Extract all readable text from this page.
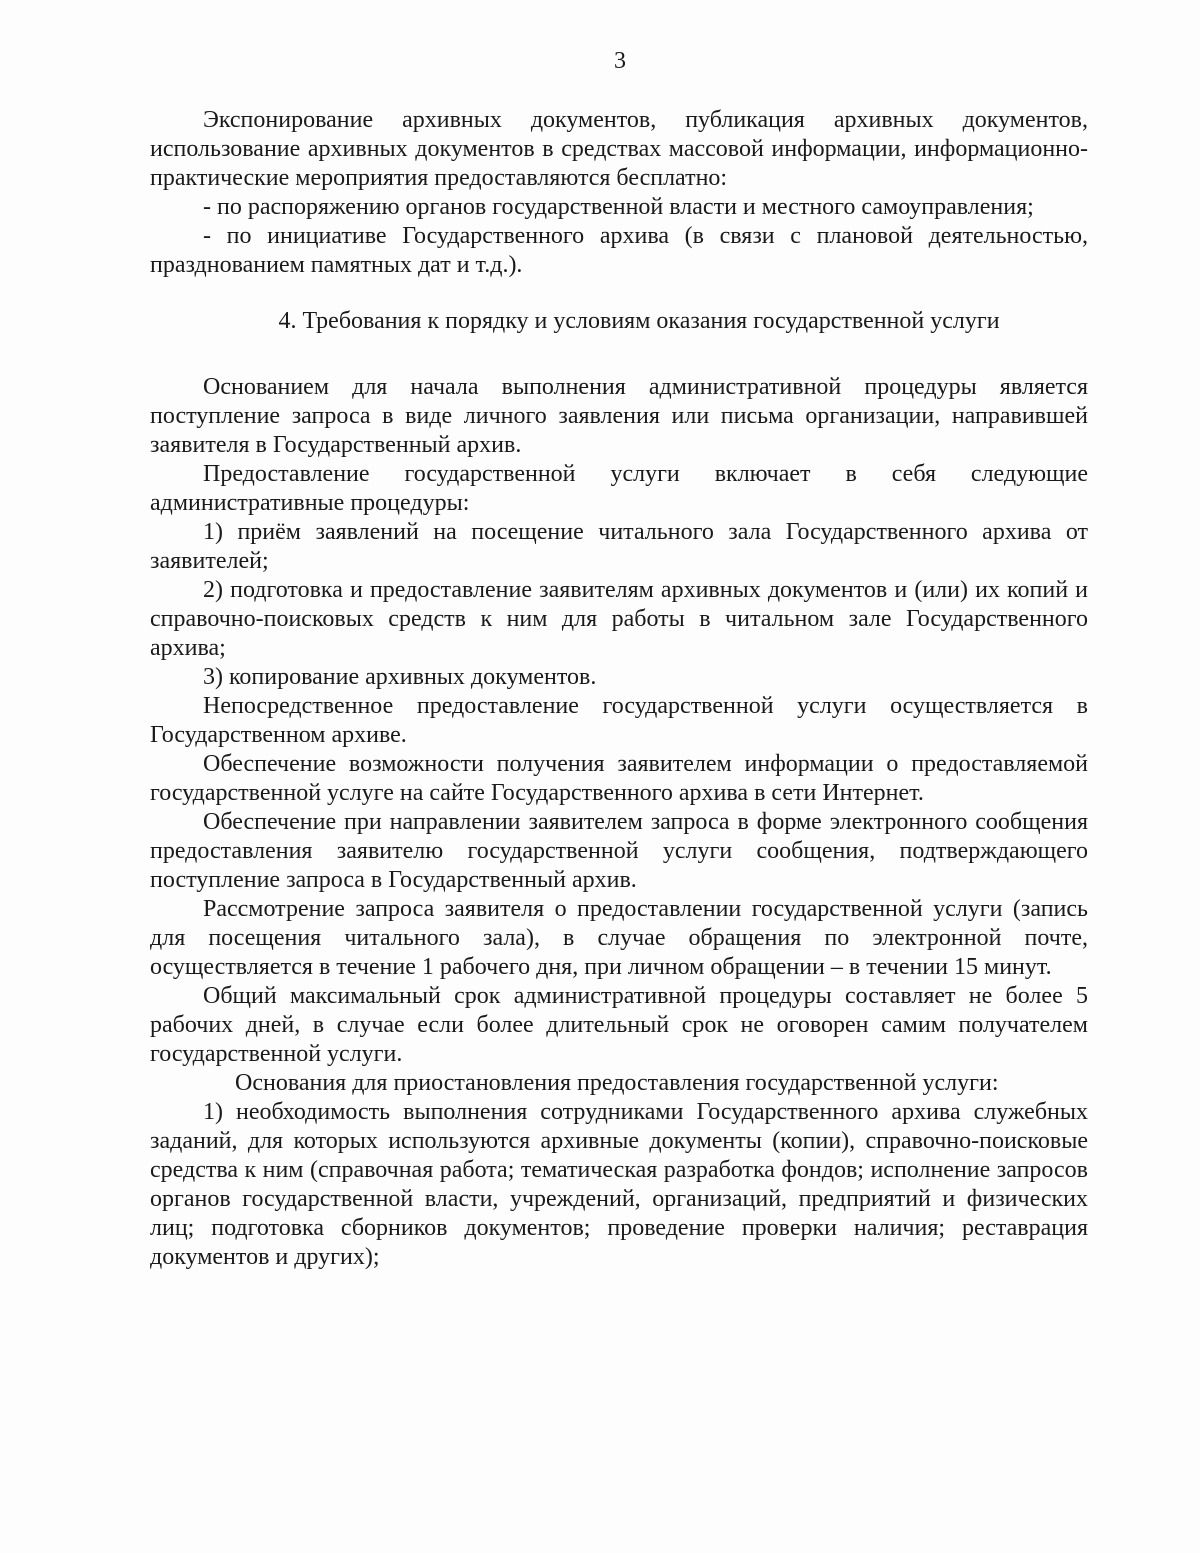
3

Экспонирование архивных документов, публикация архивных документов, использование архивных документов в средствах массовой информации, информационно-практические мероприятия предоставляются бесплатно:

- по распоряжению органов государственной власти и местного самоуправления;

- по инициативе Государственного архива (в связи с плановой деятельностью, празднованием памятных дат и т.д.).

4. Требования к порядку и условиям оказания государственной услуги

Основанием для начала выполнения административной процедуры является поступление запроса в виде личного заявления или письма организации, направившей заявителя в Государственный архив.

Предоставление государственной услуги включает в себя следующие административные процедуры:

1) приём заявлений на посещение читального зала Государственного архива от заявителей;

2) подготовка и предоставление заявителям архивных документов и (или) их копий и справочно-поисковых средств к ним для работы в читальном зале Государственного архива;

3) копирование архивных документов.

Непосредственное предоставление государственной услуги осуществляется в Государственном архиве.

Обеспечение возможности получения заявителем информации о предоставляемой государственной услуге на сайте Государственного архива в сети Интернет.

Обеспечение при направлении заявителем запроса в форме электронного сообщения предоставления заявителю государственной услуги сообщения, подтверждающего поступление запроса в Государственный архив.

Рассмотрение запроса заявителя о предоставлении государственной услуги (запись для посещения читального зала), в случае обращения по электронной почте, осуществляется в течение 1 рабочего дня, при личном обращении – в течении 15 минут.

Общий максимальный срок административной процедуры составляет не более 5 рабочих дней, в случае если более длительный срок не оговорен самим получателем государственной услуги.

Основания для приостановления предоставления государственной услуги:

1) необходимость выполнения сотрудниками Государственного архива служебных заданий, для которых используются архивные документы (копии), справочно-поисковые средства к ним (справочная работа; тематическая разработка фондов; исполнение запросов органов государственной власти, учреждений, организаций, предприятий и физических лиц; подготовка сборников документов; проведение проверки наличия; реставрация документов и других);
